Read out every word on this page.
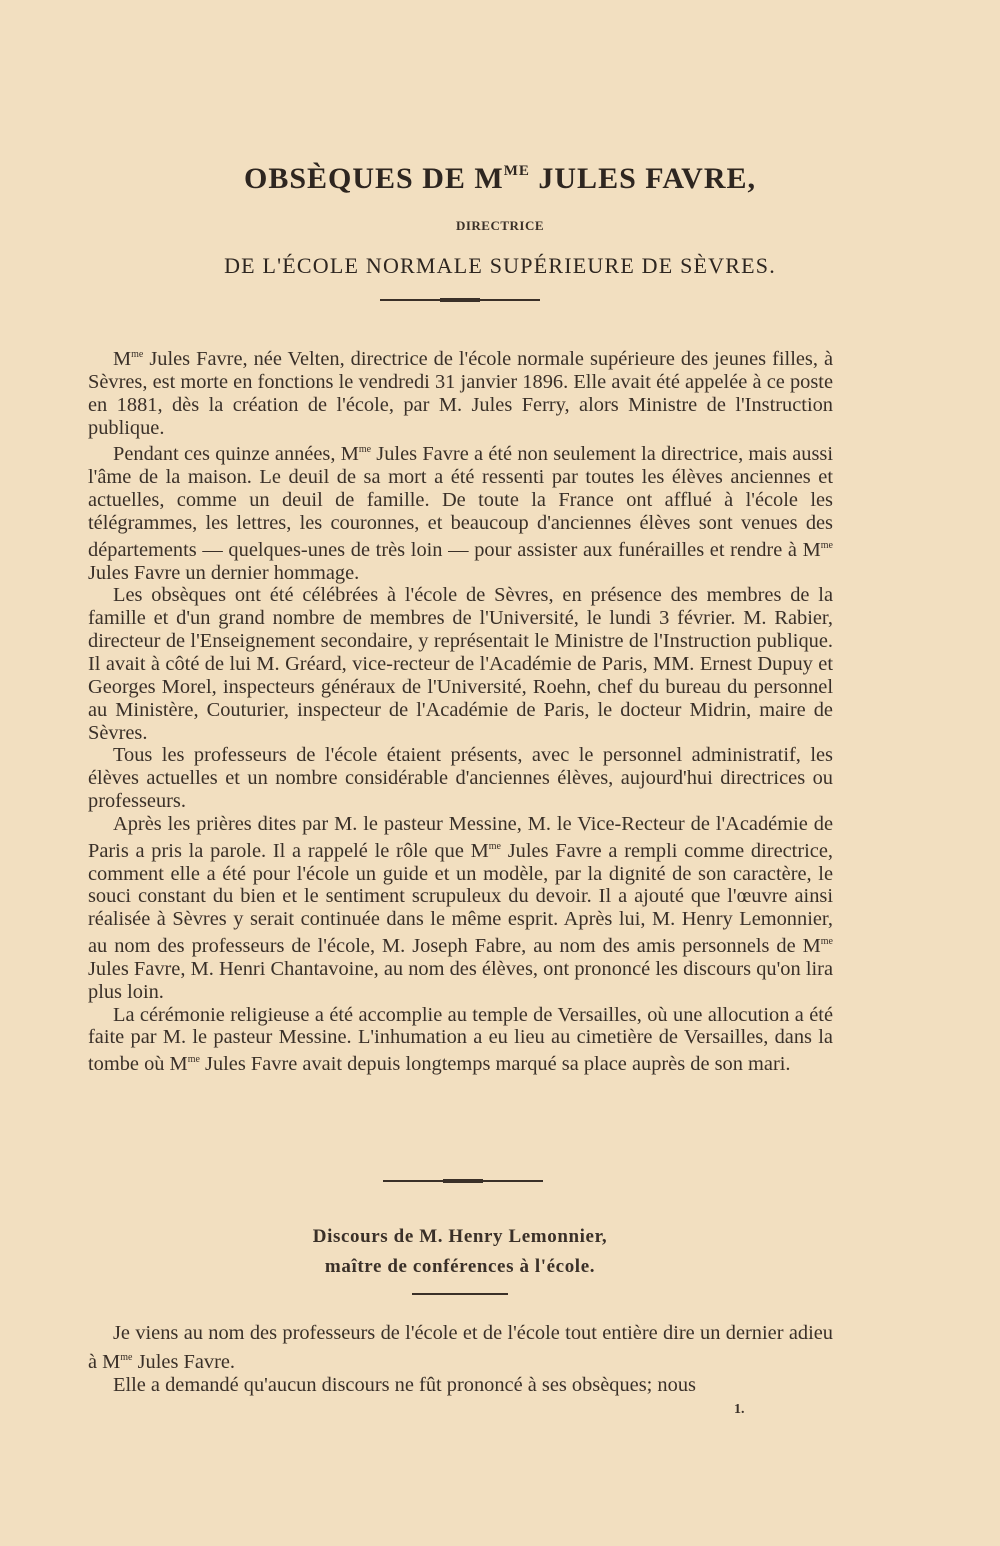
OBSÈQUES DE $M^{ME}$ JULES FAVRE,
DIRECTRICE
DE L'ÉCOLE NORMALE SUPÉRIEURE DE SÈVRES.

$M^{me}$ Jules Favre, née Velten, directrice de l'école normale supérieure des jeunes filles, à Sèvres, est morte en fonctions le vendredi 31 janvier 1896. Elle avait été appelée à ce poste en 1881, dès la création de l'école, par M. Jules Ferry, alors Ministre de l'Instruction publique.

Pendant ces quinze années, $M^{me}$ Jules Favre a été non seulement la directrice, mais aussi l'âme de la maison. Le deuil de sa mort a été ressenti par toutes les élèves anciennes et actuelles, comme un deuil de famille. De toute la France ont afflué à l'école les télégrammes, les lettres, les couronnes, et beaucoup d'anciennes élèves sont venues des départements — quelques-unes de très loin — pour assister aux funérailles et rendre à $M^{me}$ Jules Favre un dernier hommage.

Les obsèques ont été célébrées à l'école de Sèvres, en présence des membres de la famille et d'un grand nombre de membres de l'Université, le lundi 3 février. M. Rabier, directeur de l'Enseignement secondaire, y représentait le Ministre de l'Instruction publique. Il avait à côté de lui M. Gréard, vice-recteur de l'Académie de Paris, MM. Ernest Dupuy et Georges Morel, inspecteurs généraux de l'Université, Roehn, chef du bureau du personnel au Ministère, Couturier, inspecteur de l'Académie de Paris, le docteur Midrin, maire de Sèvres.

Tous les professeurs de l'école étaient présents, avec le personnel administratif, les élèves actuelles et un nombre considérable d'anciennes élèves, aujourd'hui directrices ou professeurs.

Après les prières dites par M. le pasteur Messine, M. le Vice-Recteur de l'Académie de Paris a pris la parole. Il a rappelé le rôle que $M^{me}$ Jules Favre a rempli comme directrice, comment elle a été pour l'école un guide et un modèle, par la dignité de son caractère, le souci constant du bien et le sentiment scrupuleux du devoir. Il a ajouté que l'œuvre ainsi réalisée à Sèvres y serait continuée dans le même esprit. Après lui, M. Henry Lemonnier, au nom des professeurs de l'école, M. Joseph Fabre, au nom des amis personnels de $M^{me}$ Jules Favre, M. Henri Chantavoine, au nom des élèves, ont prononcé les discours qu'on lira plus loin.

La cérémonie religieuse a été accomplie au temple de Versailles, où une allocution a été faite par M. le pasteur Messine. L'inhumation a eu lieu au cimetière de Versailles, dans la tombe où $M^{me}$ Jules Favre avait depuis longtemps marqué sa place auprès de son mari.

Discours de M. Henry Lemonnier,
maître de conférences à l'école.

Je viens au nom des professeurs de l'école et de l'école tout entière dire un dernier adieu à $M^{me}$ Jules Favre.

Elle a demandé qu'aucun discours ne fût prononcé à ses obsèques; nous

1.
